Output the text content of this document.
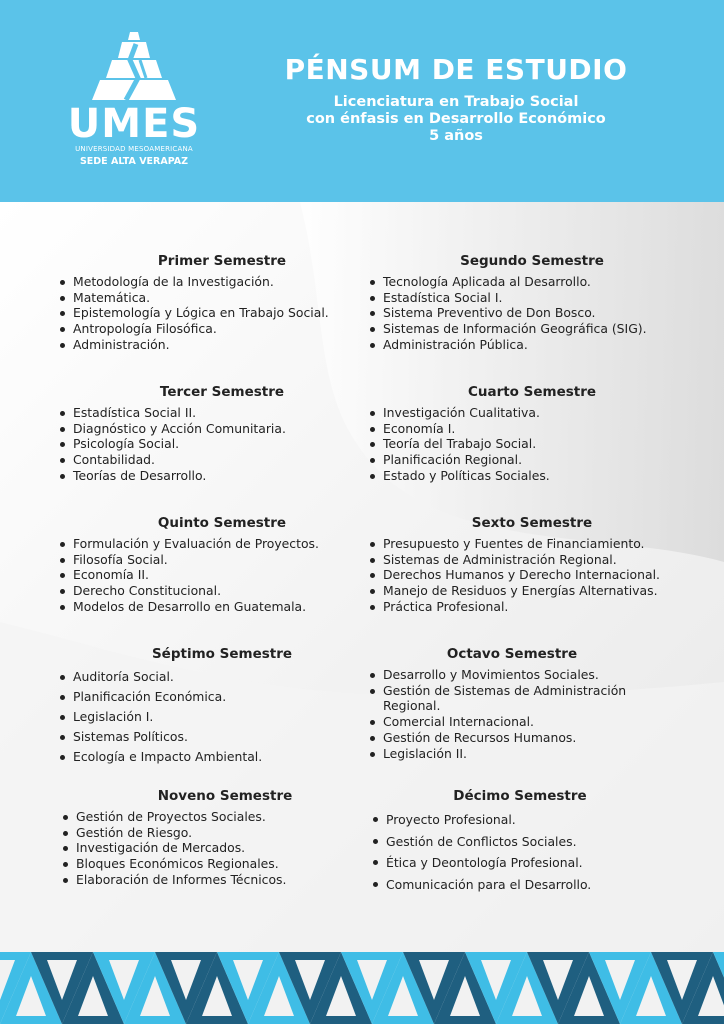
UMES
UNIVERSIDAD MESOAMERICANA
SEDE ALTA VERAPAZ
PÉNSUM DE ESTUDIO
Licenciatura en Trabajo Social
con énfasis en Desarrollo Económico
5 años
Primer Semestre
Metodología de la Investigación.
Matemática.
Epistemología y Lógica en Trabajo Social.
Antropología Filosófica.
Administración.
Segundo Semestre
Tecnología Aplicada al Desarrollo.
Estadística Social I.
Sistema Preventivo de Don Bosco.
Sistemas de Información Geográfica (SIG).
Administración Pública.
Tercer Semestre
Estadística Social II.
Diagnóstico y Acción Comunitaria.
Psicología Social.
Contabilidad.
Teorías de Desarrollo.
Cuarto Semestre
Investigación Cualitativa.
Economía I.
Teoría del Trabajo Social.
Planificación Regional.
Estado y Políticas Sociales.
Quinto Semestre
Formulación y Evaluación de Proyectos.
Filosofía Social.
Economía II.
Derecho Constitucional.
Modelos de Desarrollo en Guatemala.
Sexto Semestre
Presupuesto y Fuentes de Financiamiento.
Sistemas de Administración Regional.
Derechos Humanos y Derecho Internacional.
Manejo de Residuos y Energías Alternativas.
Práctica Profesional.
Séptimo Semestre
Auditoría Social.
Planificación Económica.
Legislación I.
Sistemas Políticos.
Ecología e Impacto Ambiental.
Octavo Semestre
Desarrollo y Movimientos Sociales.
Gestión de Sistemas de Administración Regional.
Comercial Internacional.
Gestión de Recursos Humanos.
Legislación II.
Noveno Semestre
Gestión de Proyectos Sociales.
Gestión de Riesgo.
Investigación de Mercados.
Bloques Económicos Regionales.
Elaboración de Informes Técnicos.
Décimo Semestre
Proyecto Profesional.
Gestión de Conflictos Sociales.
Ética y Deontología Profesional.
Comunicación para el Desarrollo.
